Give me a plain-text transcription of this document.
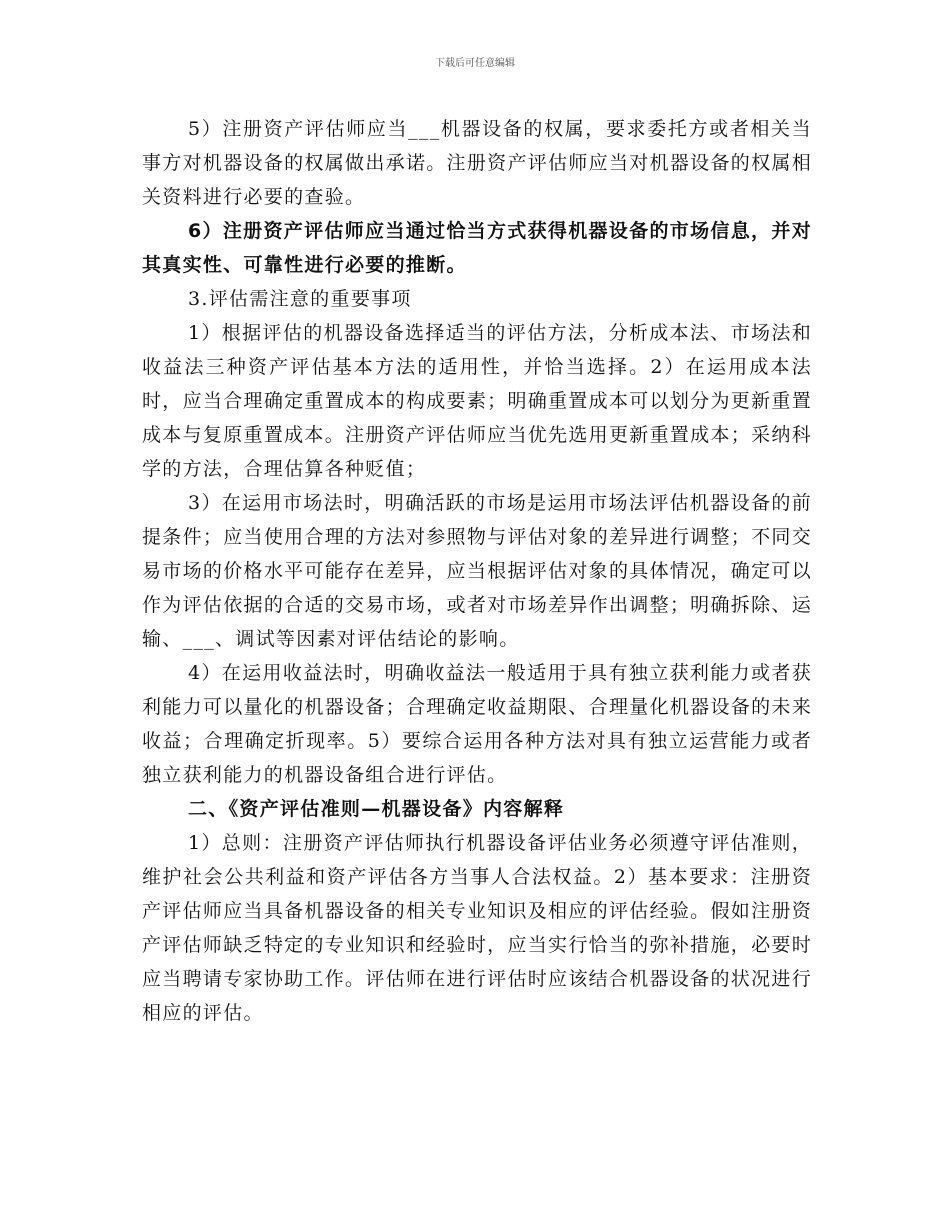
下载后可任意编辑

5）注册资产评估师应当___机器设备的权属，要求委托方或者相关当事方对机器设备的权属做出承诺。注册资产评估师应当对机器设备的权属相关资料进行必要的查验。

6）注册资产评估师应当通过恰当方式获得机器设备的市场信息，并对其真实性、可靠性进行必要的推断。

3.评估需注意的重要事项

1）根据评估的机器设备选择适当的评估方法，分析成本法、市场法和收益法三种资产评估基本方法的适用性，并恰当选择。2）在运用成本法时，应当合理确定重置成本的构成要素；明确重置成本可以划分为更新重置成本与复原重置成本。注册资产评估师应当优先选用更新重置成本；采纳科学的方法，合理估算各种贬值；

3）在运用市场法时，明确活跃的市场是运用市场法评估机器设备的前提条件；应当使用合理的方法对参照物与评估对象的差异进行调整；不同交易市场的价格水平可能存在差异，应当根据评估对象的具体情况，确定可以作为评估依据的合适的交易市场，或者对市场差异作出调整；明确拆除、运输、___、调试等因素对评估结论的影响。

4）在运用收益法时，明确收益法一般适用于具有独立获利能力或者获利能力可以量化的机器设备；合理确定收益期限、合理量化机器设备的未来收益；合理确定折现率。5）要综合运用各种方法对具有独立运营能力或者独立获利能力的机器设备组合进行评估。

二、《资产评估准则—机器设备》内容解释

1）总则：注册资产评估师执行机器设备评估业务必须遵守评估准则，维护社会公共利益和资产评估各方当事人合法权益。2）基本要求：注册资产评估师应当具备机器设备的相关专业知识及相应的评估经验。假如注册资产评估师缺乏特定的专业知识和经验时，应当实行恰当的弥补措施，必要时应当聘请专家协助工作。评估师在进行评估时应该结合机器设备的状况进行相应的评估。
